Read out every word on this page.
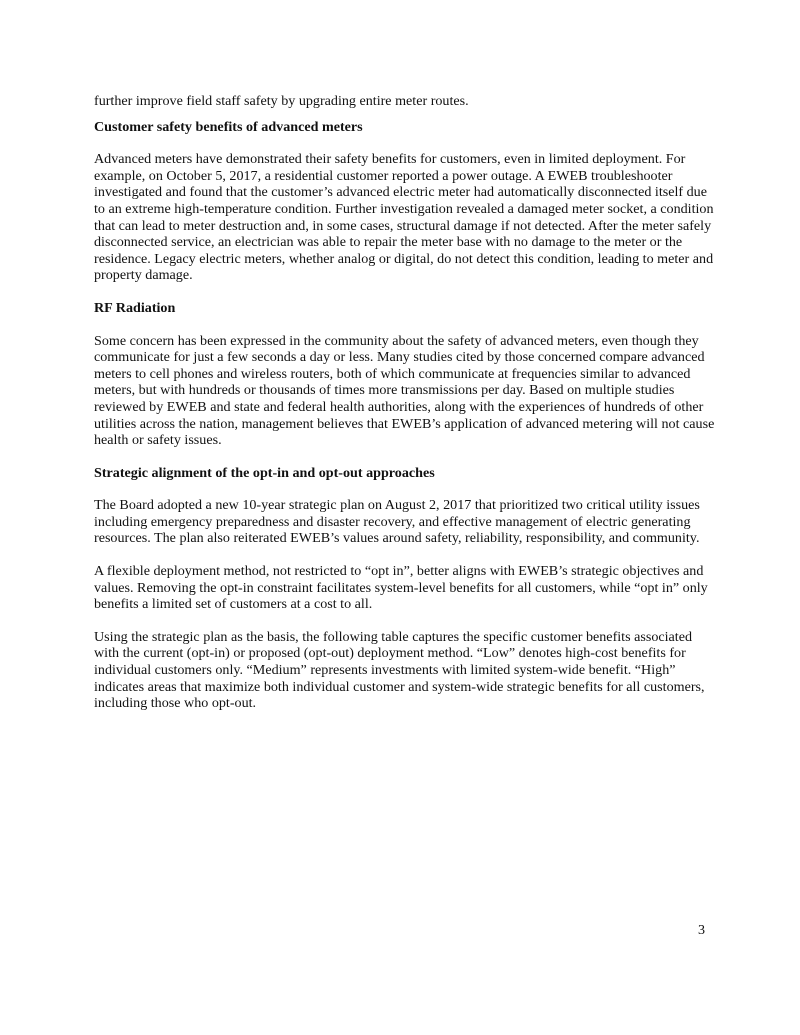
further improve field staff safety by upgrading entire meter routes.

Customer safety benefits of advanced meters

Advanced meters have demonstrated their safety benefits for customers, even in limited deployment. For example, on October 5, 2017, a residential customer reported a power outage. A EWEB troubleshooter investigated and found that the customer’s advanced electric meter had automatically disconnected itself due to an extreme high-temperature condition. Further investigation revealed a damaged meter socket, a condition that can lead to meter destruction and, in some cases, structural damage if not detected. After the meter safely disconnected service, an electrician was able to repair the meter base with no damage to the meter or the residence. Legacy electric meters, whether analog or digital, do not detect this condition, leading to meter and property damage.

RF Radiation

Some concern has been expressed in the community about the safety of advanced meters, even though they communicate for just a few seconds a day or less. Many studies cited by those concerned compare advanced meters to cell phones and wireless routers, both of which communicate at frequencies similar to advanced meters, but with hundreds or thousands of times more transmissions per day. Based on multiple studies reviewed by EWEB and state and federal health authorities, along with the experiences of hundreds of other utilities across the nation, management believes that EWEB’s application of advanced metering will not cause health or safety issues.

Strategic alignment of the opt-in and opt-out approaches

The Board adopted a new 10-year strategic plan on August 2, 2017 that prioritized two critical utility issues including emergency preparedness and disaster recovery, and effective management of electric generating resources. The plan also reiterated EWEB’s values around safety, reliability, responsibility, and community.

A flexible deployment method, not restricted to “opt in”, better aligns with EWEB’s strategic objectives and values. Removing the opt-in constraint facilitates system-level benefits for all customers, while “opt in” only benefits a limited set of customers at a cost to all.

Using the strategic plan as the basis, the following table captures the specific customer benefits associated with the current (opt-in) or proposed (opt-out) deployment method. “Low” denotes high-cost benefits for individual customers only. “Medium” represents investments with limited system-wide benefit. “High” indicates areas that maximize both individual customer and system-wide strategic benefits for all customers, including those who opt-out.

3
